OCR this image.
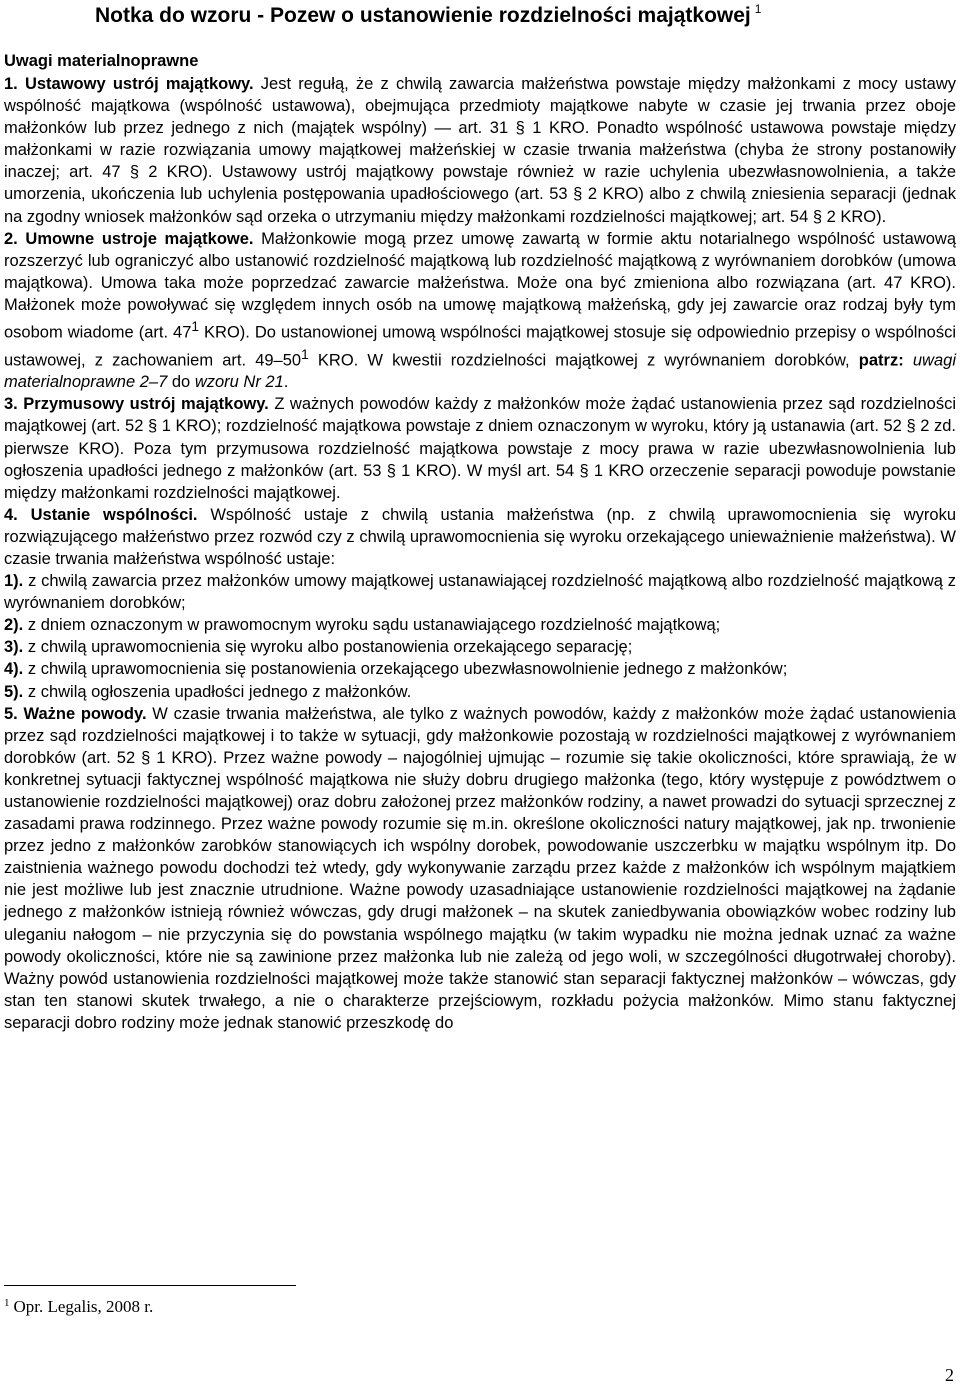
Notka do wzoru - Pozew o ustanowienie rozdzielności majątkowej $^1$
Uwagi materialnoprawne

1. Ustawowy ustrój majątkowy. Jest regułą, że z chwilą zawarcia małżeństwa powstaje między małżonkami z mocy ustawy wspólność majątkowa (wspólność ustawowa), obejmująca przedmioty majątkowe nabyte w czasie jej trwania przez oboje małżonków lub przez jednego z nich (majątek wspólny) — art. 31 § 1 KRO. Ponadto wspólność ustawowa powstaje między małżonkami w razie rozwiązania umowy majątkowej małżeńskiej w czasie trwania małżeństwa (chyba że strony postanowiły inaczej; art. 47 § 2 KRO). Ustawowy ustrój majątkowy powstaje również w razie uchylenia ubezwłasnowolnienia, a także umorzenia, ukończenia lub uchylenia postępowania upadłościowego (art. 53 § 2 KRO) albo z chwilą zniesienia separacji (jednak na zgodny wniosek małżonków sąd orzeka o utrzymaniu między małżonkami rozdzielności majątkowej; art. 54 § 2 KRO).

2. Umowne ustroje majątkowe. Małżonkowie mogą przez umowę zawartą w formie aktu notarialnego wspólność ustawową rozszerzyć lub ograniczyć albo ustanowić rozdzielność majątkową lub rozdzielność majątkową z wyrównaniem dorobków (umowa majątkowa). Umowa taka może poprzedzać zawarcie małżeństwa. Może ona być zmieniona albo rozwiązana (art. 47 KRO). Małżonek może powoływać się względem innych osób na umowę majątkową małżeńską, gdy jej zawarcie oraz rodzaj były tym osobom wiadome (art. $47^1$ KRO). Do ustanowionej umową wspólności majątkowej stosuje się odpowiednio przepisy o wspólności ustawowej, z zachowaniem art. $49-50^1$ KRO. W kwestii rozdzielności majątkowej z wyrównaniem dorobków, patrz: uwagi materialnoprawne 2–7 do wzoru Nr 21.

3. Przymusowy ustrój majątkowy. Z ważnych powodów każdy z małżonków może żądać ustanowienia przez sąd rozdzielności majątkowej (art. 52 § 1 KRO); rozdzielność majątkowa powstaje z dniem oznaczonym w wyroku, który ją ustanawia (art. 52 § 2 zd. pierwsze KRO). Poza tym przymusowa rozdzielność majątkowa powstaje z mocy prawa w razie ubezwłasnowolnienia lub ogłoszenia upadłości jednego z małżonków (art. 53 § 1 KRO). W myśl art. 54 § 1 KRO orzeczenie separacji powoduje powstanie między małżonkami rozdzielności majątkowej.

4. Ustanie wspólności. Wspólność ustaje z chwilą ustania małżeństwa (np. z chwilą uprawomocnienia się wyroku rozwiązującego małżeństwo przez rozwód czy z chwilą uprawomocnienia się wyroku orzekającego unieważnienie małżeństwa). W czasie trwania małżeństwa wspólność ustaje:

1). z chwilą zawarcia przez małżonków umowy majątkowej ustanawiającej rozdzielność majątkową albo rozdzielność majątkową z wyrównaniem dorobków;

2). z dniem oznaczonym w prawomocnym wyroku sądu ustanawiającego rozdzielność majątkową;

3). z chwilą uprawomocnienia się wyroku albo postanowienia orzekającego separację;

4). z chwilą uprawomocnienia się postanowienia orzekającego ubezwłasnowolnienie jednego z małżonków;

5). z chwilą ogłoszenia upadłości jednego z małżonków.

5. Ważne powody. W czasie trwania małżeństwa, ale tylko z ważnych powodów, każdy z małżonków może żądać ustanowienia przez sąd rozdzielności majątkowej i to także w sytuacji, gdy małżonkowie pozostają w rozdzielności majątkowej z wyrównaniem dorobków (art. 52 § 1 KRO). Przez ważne powody – najogólniej ujmując – rozumie się takie okoliczności, które sprawiają, że w konkretnej sytuacji faktycznej wspólność majątkowa nie służy dobru drugiego małżonka (tego, który występuje z powództwem o ustanowienie rozdzielności majątkowej) oraz dobru założonej przez małżonków rodziny, a nawet prowadzi do sytuacji sprzecznej z zasadami prawa rodzinnego. Przez ważne powody rozumie się m.in. określone okoliczności natury majątkowej, jak np. trwonienie przez jedno z małżonków zarobków stanowiących ich wspólny dorobek, powodowanie uszczerbku w majątku wspólnym itp. Do zaistnienia ważnego powodu dochodzi też wtedy, gdy wykonywanie zarządu przez każde z małżonków ich wspólnym majątkiem nie jest możliwe lub jest znacznie utrudnione. Ważne powody uzasadniające ustanowienie rozdzielności majątkowej na żądanie jednego z małżonków istnieją również wówczas, gdy drugi małżonek – na skutek zaniedbywania obowiązków wobec rodziny lub uleganiu nałogom – nie przyczynia się do powstania wspólnego majątku (w takim wypadku nie można jednak uznać za ważne powody okoliczności, które nie są zawinione przez małżonka lub nie zależą od jego woli, w szczególności długotrwałej choroby). Ważny powód ustanowienia rozdzielności majątkowej może także stanowić stan separacji faktycznej małżonków – wówczas, gdy stan ten stanowi skutek trwałego, a nie o charakterze przejściowym, rozkładu pożycia małżonków. Mimo stanu faktycznej separacji dobro rodziny może jednak stanowić przeszkodę do

$^1$ Opr. Legalis, 2008 r.
2
